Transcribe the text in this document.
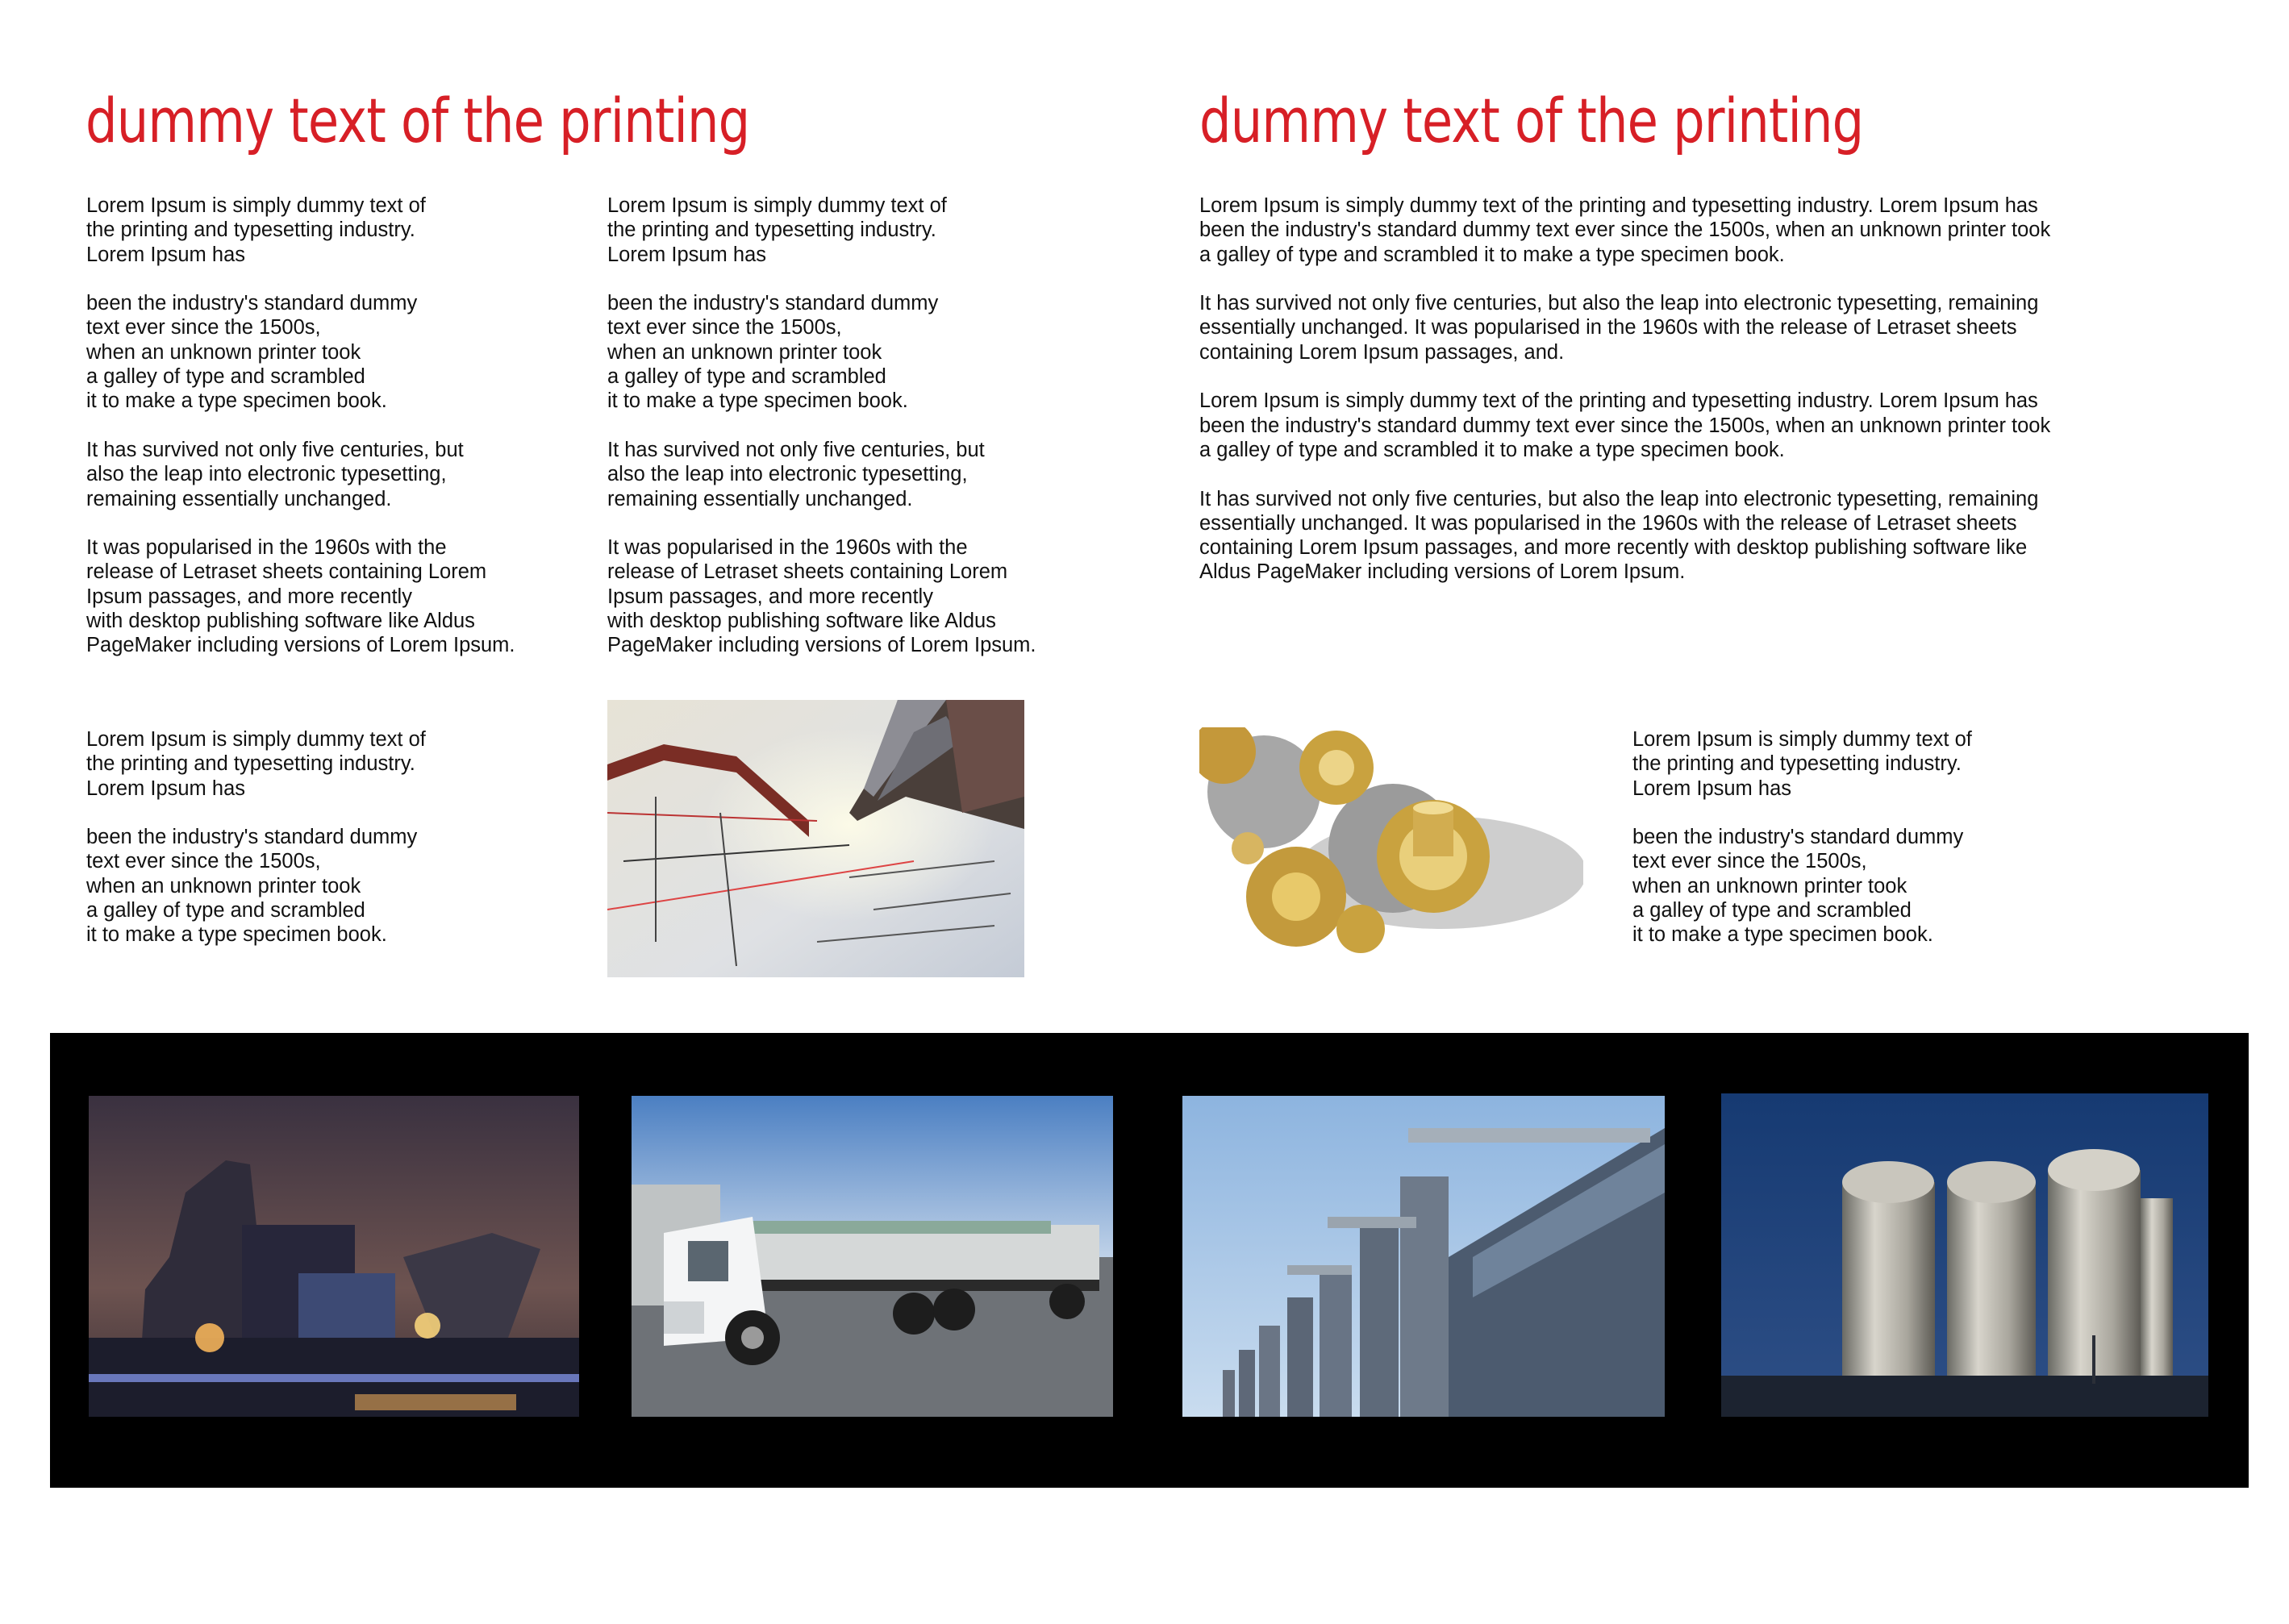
dummy text of the printing

Lorem Ipsum is simply dummy text of
the printing and typesetting industry.
Lorem Ipsum has

been the industry's standard dummy
text ever since the 1500s,
when an unknown printer took
a galley of type and scrambled
it to make a type specimen book.

It has survived not only five centuries, but
also the leap into electronic typesetting,
remaining essentially unchanged.

It was popularised in the 1960s with the
release of Letraset sheets containing Lorem
Ipsum passages, and more recently
with desktop publishing software like Aldus
PageMaker including versions of Lorem Ipsum.

Lorem Ipsum is simply dummy text of
the printing and typesetting industry.
Lorem Ipsum has

been the industry's standard dummy
text ever since the 1500s,
when an unknown printer took
a galley of type and scrambled
it to make a type specimen book.

It has survived not only five centuries, but
also the leap into electronic typesetting,
remaining essentially unchanged.

It was popularised in the 1960s with the
release of Letraset sheets containing Lorem
Ipsum passages, and more recently
with desktop publishing software like Aldus
PageMaker including versions of Lorem Ipsum.

Lorem Ipsum is simply dummy text of
the printing and typesetting industry.
Lorem Ipsum has

been the industry's standard dummy
text ever since the 1500s,
when an unknown printer took
a galley of type and scrambled
it to make a type specimen book.

dummy text of the printing

Lorem Ipsum is simply dummy text of the printing and typesetting industry. Lorem Ipsum has
been the industry's standard dummy text ever since the 1500s, when an unknown printer took
a galley of type and scrambled it to make a type specimen book.

It has survived not only five centuries, but also the leap into electronic typesetting, remaining
essentially unchanged. It was popularised in the 1960s with the release of Letraset sheets
containing Lorem Ipsum passages, and.

Lorem Ipsum is simply dummy text of the printing and typesetting industry. Lorem Ipsum has
been the industry's standard dummy text ever since the 1500s, when an unknown printer took
a galley of type and scrambled it to make a type specimen book.

It has survived not only five centuries, but also the leap into electronic typesetting, remaining
essentially unchanged. It was popularised in the 1960s with the release of Letraset sheets
containing Lorem Ipsum passages, and more recently with desktop publishing software like
Aldus PageMaker including versions of Lorem Ipsum.

Lorem Ipsum is simply dummy text of
the printing and typesetting industry.
Lorem Ipsum has

been the industry's standard dummy
text ever since the 1500s,
when an unknown printer took
a galley of type and scrambled
it to make a type specimen book.
